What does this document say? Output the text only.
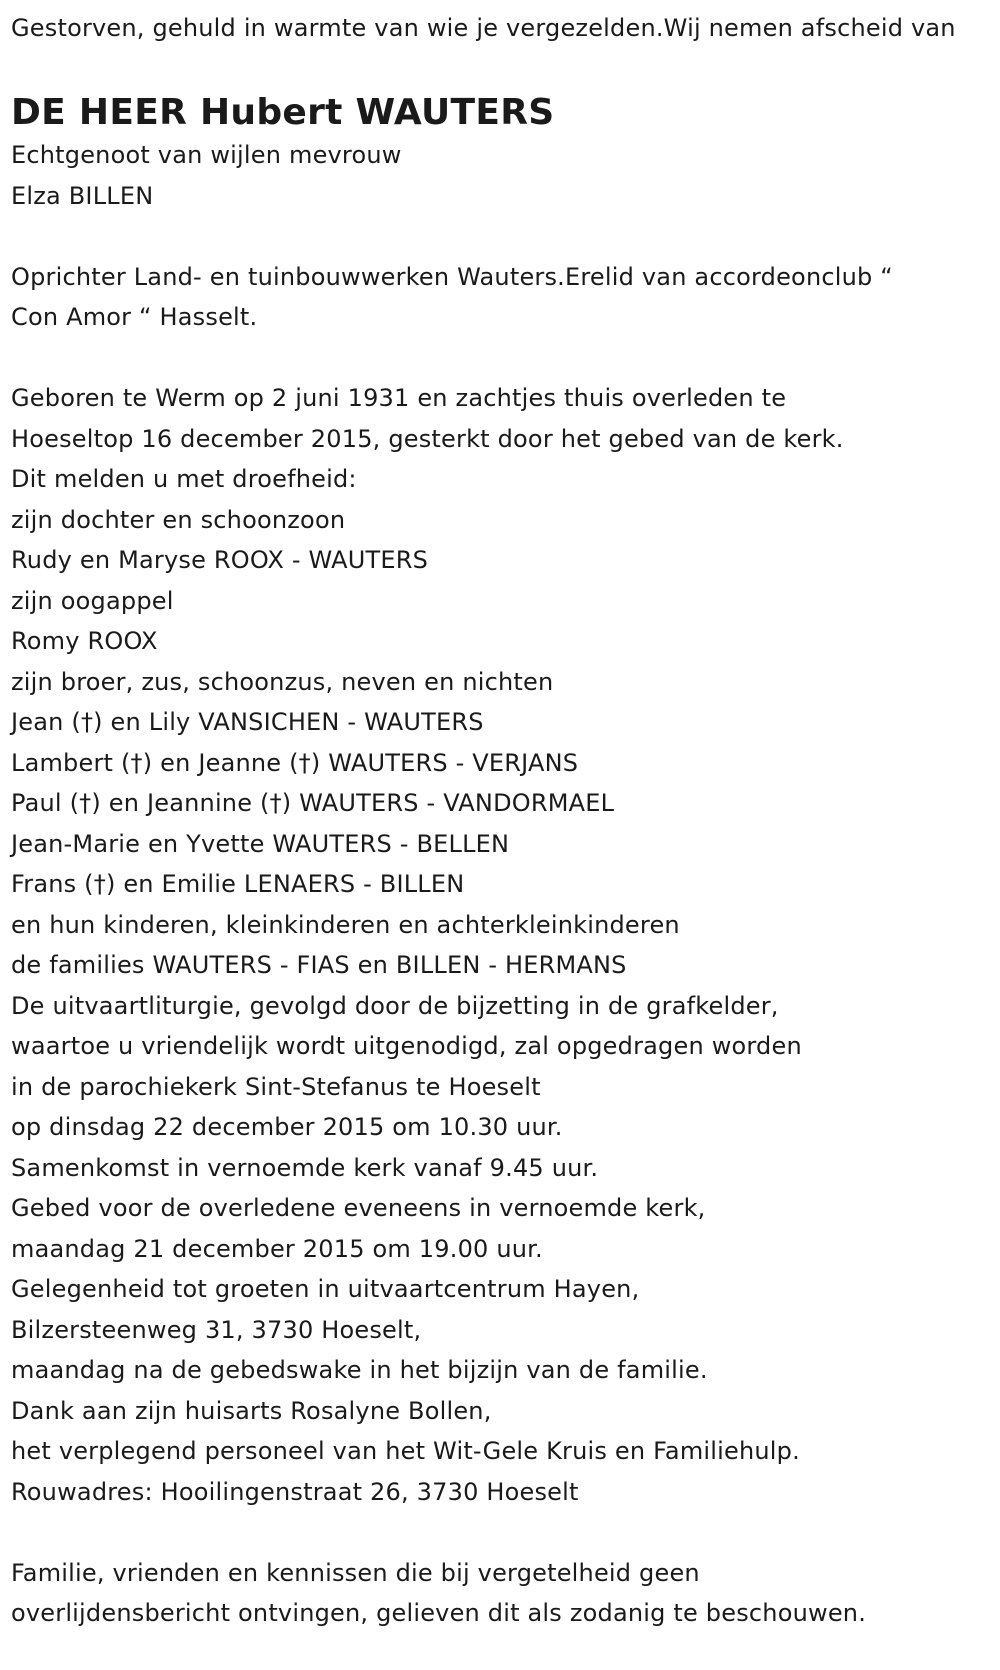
Gestorven, gehuld in warmte van wie je vergezelden.Wij nemen afscheid van
DE HEER Hubert WAUTERS
Echtgenoot van wijlen mevrouw
Elza BILLEN
Oprichter Land- en tuinbouwwerken Wauters.Erelid van accordeonclub “
Con Amor “ Hasselt.
Geboren te Werm op 2 juni 1931 en zachtjes thuis overleden te
Hoeseltop 16 december 2015, gesterkt door het gebed van de kerk.
Dit melden u met droefheid:
zijn dochter en schoonzoon
Rudy en Maryse ROOX - WAUTERS
zijn oogappel
Romy ROOX
zijn broer, zus, schoonzus, neven en nichten
Jean (†) en Lily VANSICHEN - WAUTERS
Lambert (†) en Jeanne (†) WAUTERS - VERJANS
Paul (†) en Jeannine (†) WAUTERS - VANDORMAEL
Jean-Marie en Yvette WAUTERS - BELLEN
Frans (†) en Emilie LENAERS - BILLEN
en hun kinderen, kleinkinderen en achterkleinkinderen
de families WAUTERS - FIAS en BILLEN - HERMANS
De uitvaartliturgie, gevolgd door de bijzetting in de grafkelder,
waartoe u vriendelijk wordt uitgenodigd, zal opgedragen worden
in de parochiekerk Sint-Stefanus te Hoeselt
op dinsdag 22 december 2015 om 10.30 uur.
Samenkomst in vernoemde kerk vanaf 9.45 uur.
Gebed voor de overledene eveneens in vernoemde kerk,
maandag 21 december 2015 om 19.00 uur.
Gelegenheid tot groeten in uitvaartcentrum Hayen,
Bilzersteenweg 31, 3730 Hoeselt,
maandag na de gebedswake in het bijzijn van de familie.
Dank aan zijn huisarts Rosalyne Bollen,
het verplegend personeel van het Wit-Gele Kruis en Familiehulp.
Rouwadres: Hooilingenstraat 26, 3730 Hoeselt
Familie, vrienden en kennissen die bij vergetelheid geen
overlijdensbericht ontvingen, gelieven dit als zodanig te beschouwen.
